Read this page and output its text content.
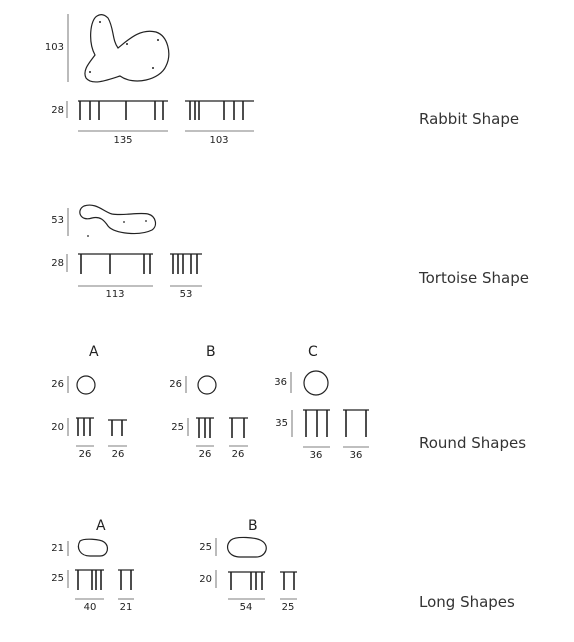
103
28
135	103
Rabbit Shape
53
28
113	53
Tortoise Shape
A	B	C
26	26	36
20	25	35
26	26	26	26	36	36
Round Shapes
A	B
21	25
25	20
40	21	54	25	Long Shapes
